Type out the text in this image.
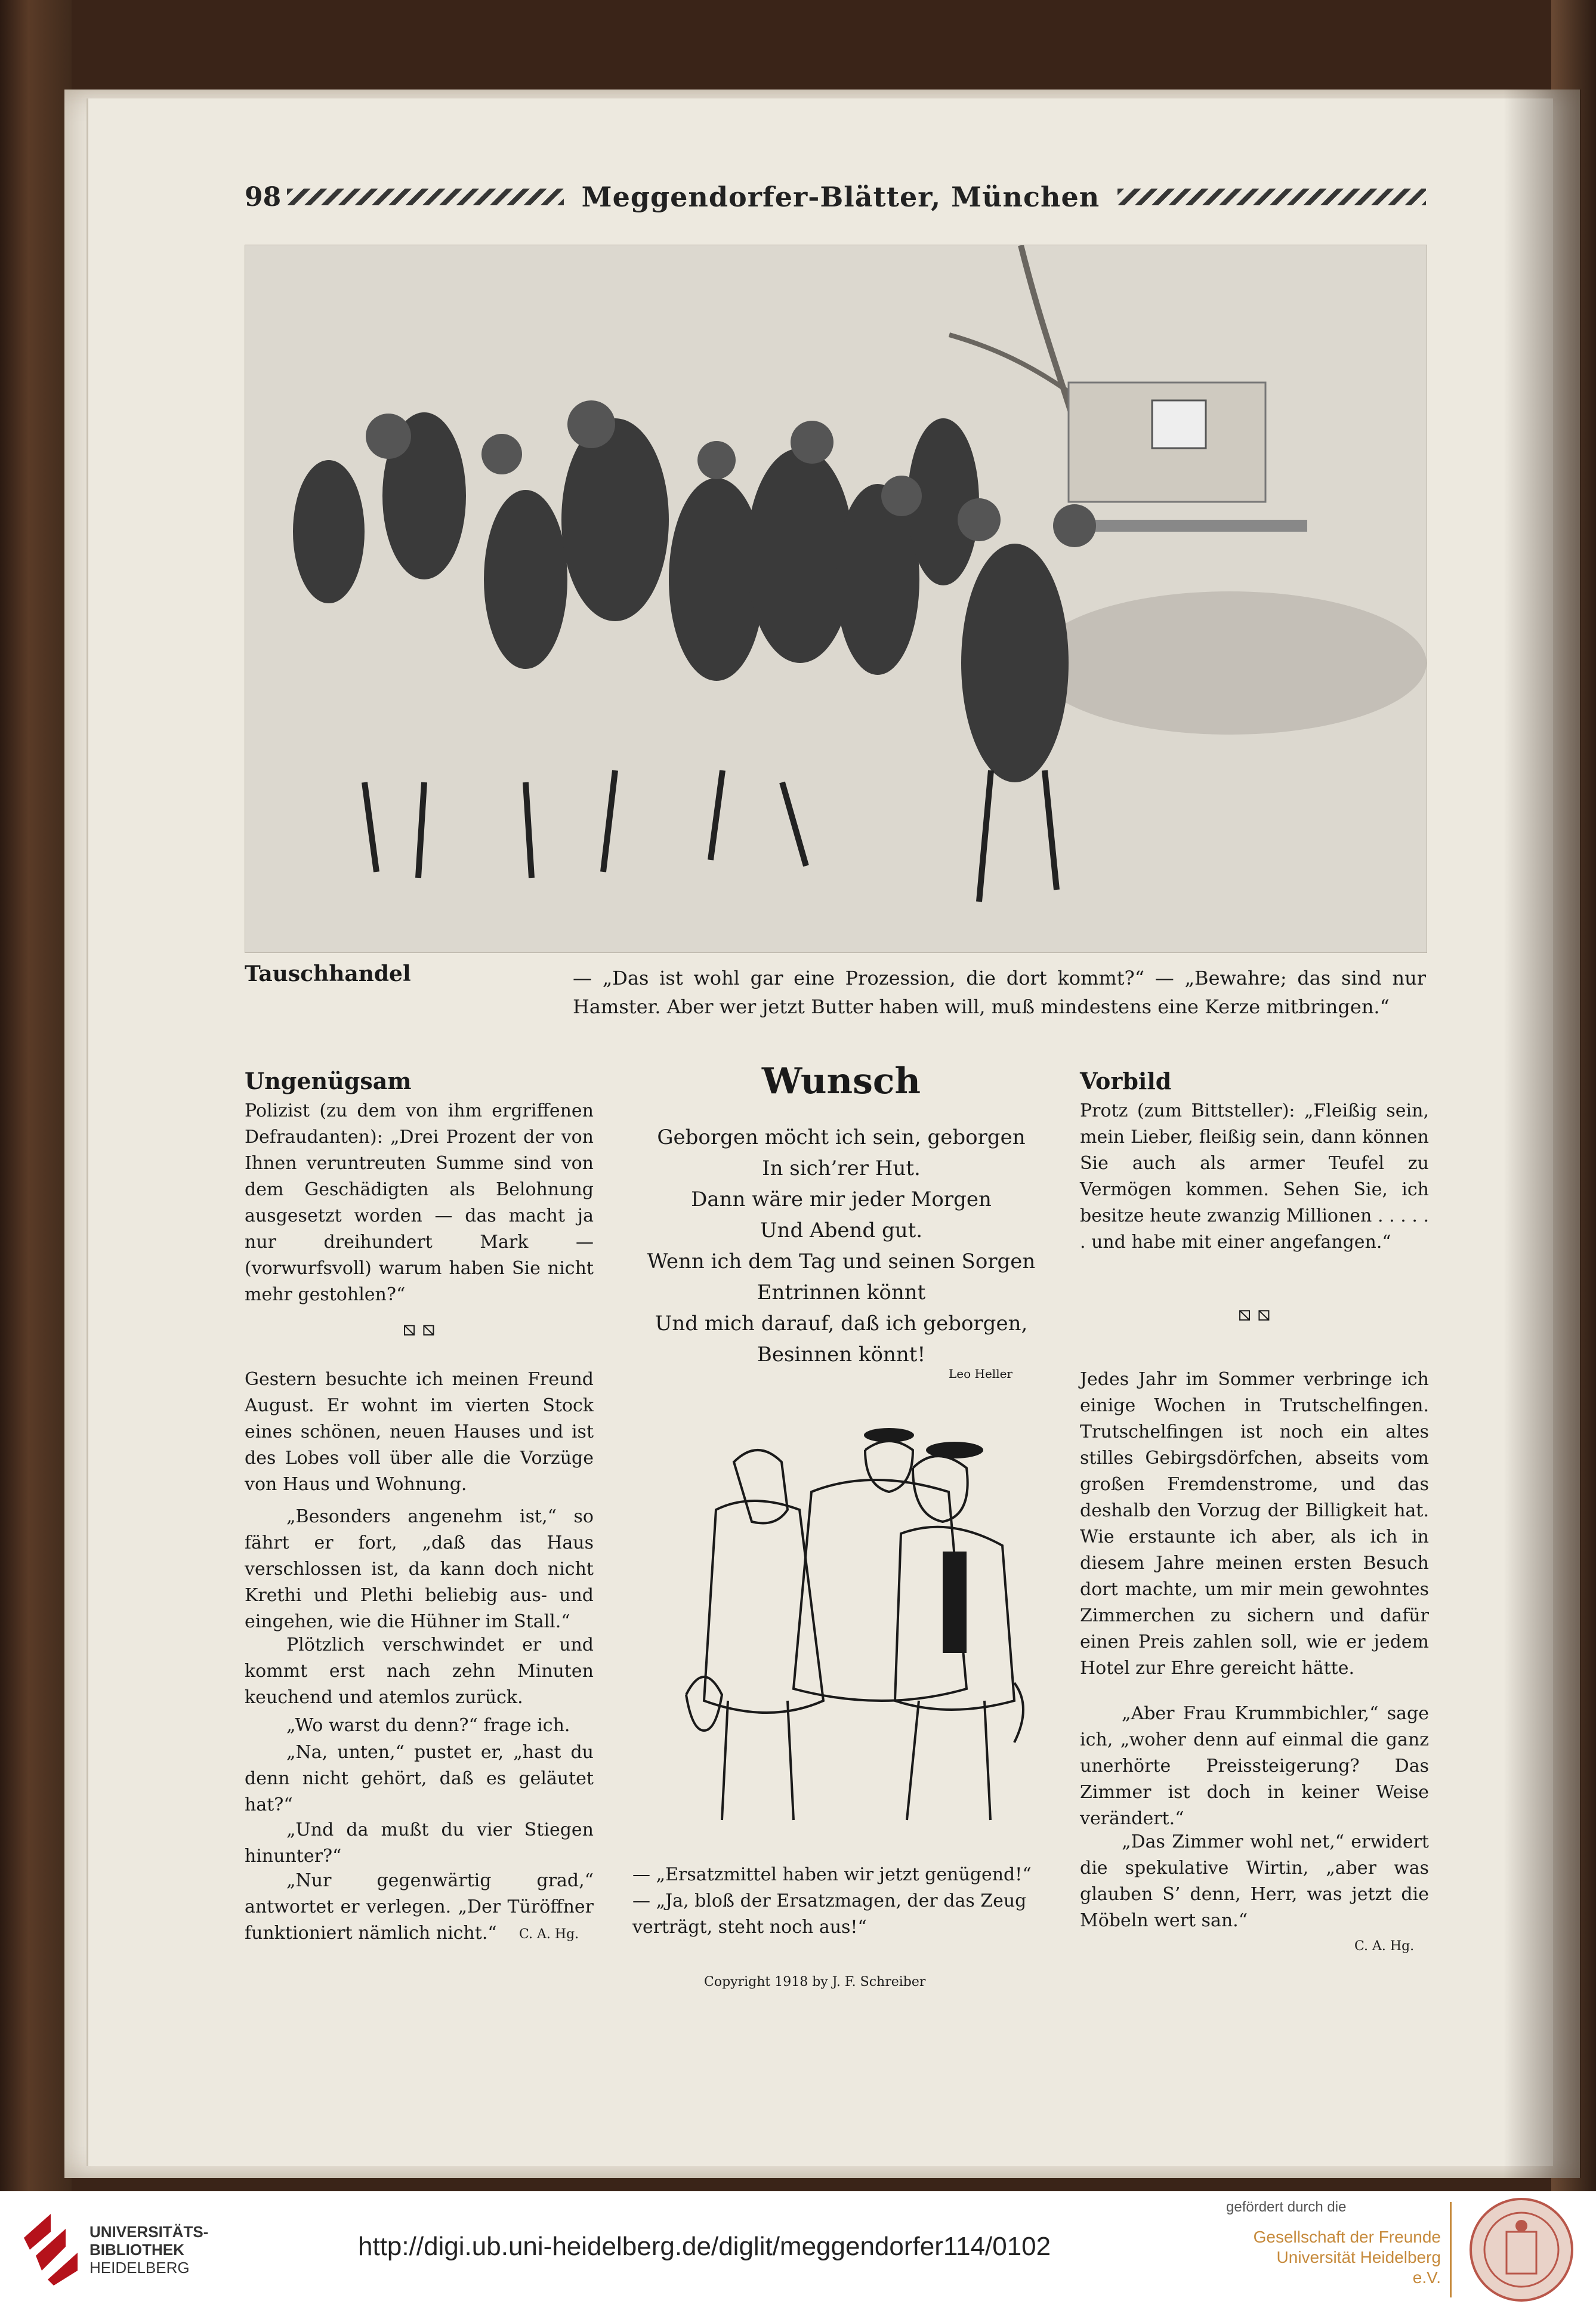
98	Meggendorfer-Blätter, München
Tauschhandel	— „Das ist wohl gar eine Prozession, die dort kommt?“ — „Bewahre; das sind nur Hamster. Aber wer jetzt Butter haben will, muß mindestens eine Kerze mitbringen.“
Ungenügsam
Polizist (zu dem von ihm ergriffenen Defraudanten): „Drei Prozent der von Ihnen veruntreuten Summe sind von dem Geschädigten als Belohnung ausgesetzt worden — das macht ja nur dreihundert Mark — (vorwurfsvoll) warum haben Sie nicht mehr gestohlen?“
⧅ ⧅
Gestern besuchte ich meinen Freund August. Er wohnt im vierten Stock eines schönen, neuen Hauses und ist des Lobes voll über alle die Vorzüge von Haus und Wohnung.
„Besonders angenehm ist,“ so fährt er fort, „daß das Haus verschlossen ist, da kann doch nicht Krethi und Plethi beliebig aus- und eingehen, wie die Hühner im Stall.“
Plötzlich verschwindet er und kommt erst nach zehn Minuten keuchend und atemlos zurück.
„Wo warst du denn?“ frage ich.
„Na, unten,“ pustet er, „hast du denn nicht gehört, daß es geläutet hat?“
„Und da mußt du vier Stiegen hinunter?“
„Nur gegenwärtig grad,“ antwortet er verlegen. „Der Türöffner funktioniert nämlich nicht.“	C. A. Hg.
Wunsch
Geborgen möcht ich sein, geborgen
In sich’rer Hut.
Dann wäre mir jeder Morgen
Und Abend gut.
Wenn ich dem Tag und seinen Sorgen
Entrinnen könnt
Und mich darauf, daß ich geborgen,
Besinnen könnt!
Leo Heller
— „Ersatzmittel haben wir jetzt genügend!“
— „Ja, bloß der Ersatzmagen, der das Zeug verträgt, steht noch aus!“
Vorbild
Protz (zum Bittsteller): „Fleißig sein, mein Lieber, fleißig sein, dann können Sie auch als armer Teufel zu Vermögen kommen. Sehen Sie, ich besitze heute zwanzig Millionen . . . . . . und habe mit einer angefangen.“
⧅ ⧅
Jedes Jahr im Sommer verbringe ich einige Wochen in Trutschelfingen. Trutschelfingen ist noch ein altes stilles Gebirgsdörfchen, abseits vom großen Fremdenstrome, und das deshalb den Vorzug der Billigkeit hat. Wie erstaunte ich aber, als ich in diesem Jahre meinen ersten Besuch dort machte, um mir mein gewohntes Zimmerchen zu sichern und dafür einen Preis zahlen soll, wie er jedem Hotel zur Ehre gereicht hätte.
„Aber Frau Krummbichler,“ sage ich, „woher denn auf einmal die ganz unerhörte Preissteigerung? Das Zimmer ist doch in keiner Weise verändert.“
„Das Zimmer wohl net,“ erwidert die spekulative Wirtin, „aber was glauben S’ denn, Herr, was jetzt die Möbeln wert san.“
C. A. Hg.
Copyright 1918 by J. F. Schreiber
UNIVERSITÄTS-
BIBLIOTHEK
HEIDELBERG
http://digi.ub.uni-heidelberg.de/diglit/meggendorfer114/0102
gefördert durch die
Gesellschaft der Freunde
Universität Heidelberg e.V.
